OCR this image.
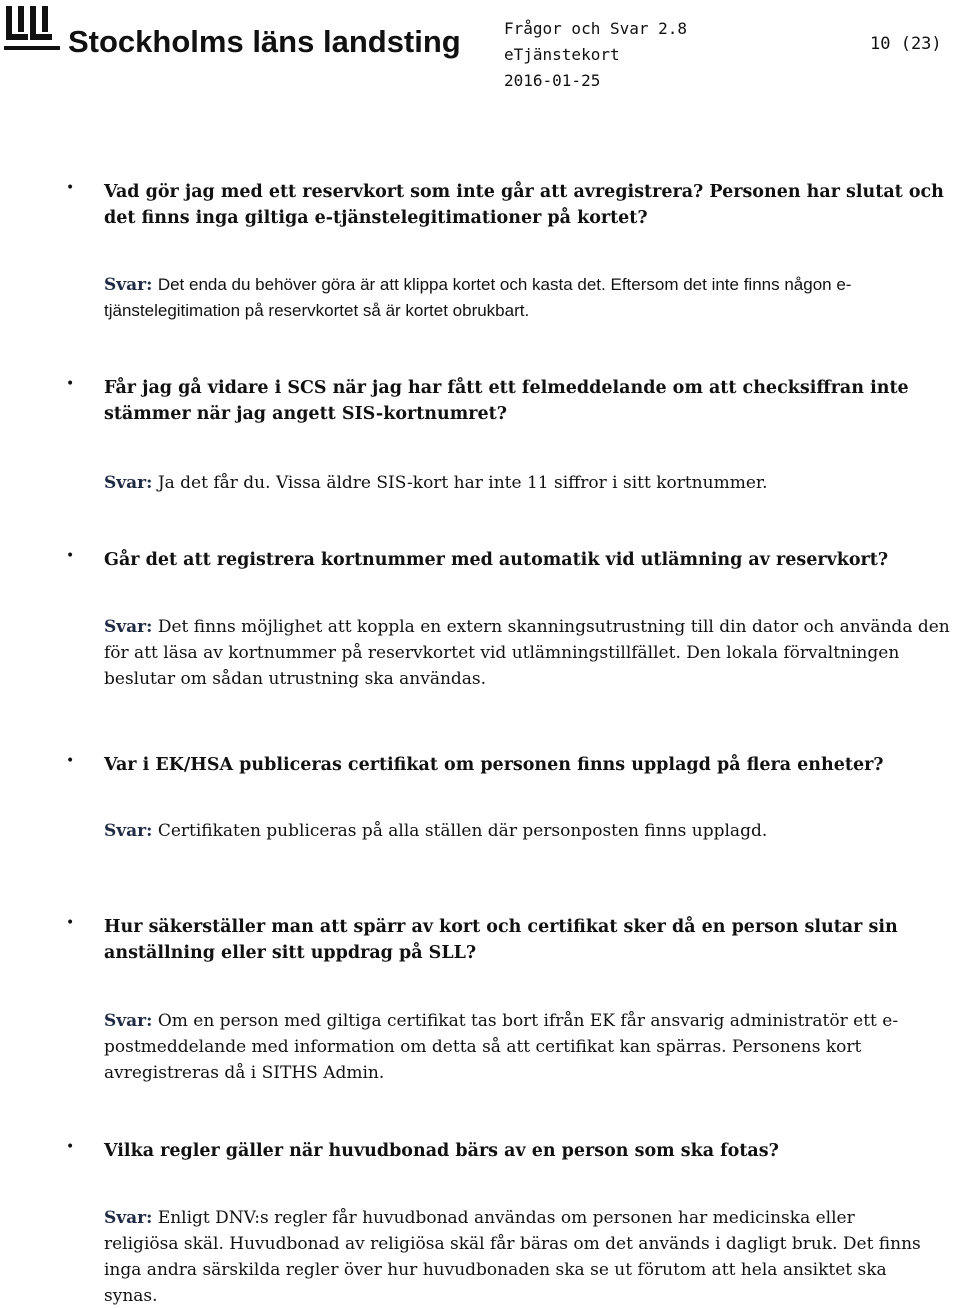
Stockholms läns landsting	Frågor och Svar 2.8
eTjänstekort
2016-01-25
10 (23)
• Vad gör jag med ett reservkort som inte går att avregistrera? Personen har slutat och det finns inga giltiga e-tjänstelegitimationer på kortet?
Svar: Det enda du behöver göra är att klippa kortet och kasta det. Eftersom det inte finns någon e-tjänstelegitimation på reservkortet så är kortet obrukbart.
• Får jag gå vidare i SCS när jag har fått ett felmeddelande om att checksiffran inte stämmer när jag angett SIS-kortnumret?
Svar: Ja det får du. Vissa äldre SIS-kort har inte 11 siffror i sitt kortnummer.
• Går det att registrera kortnummer med automatik vid utlämning av reservkort?
Svar: Det finns möjlighet att koppla en extern skanningsutrustning till din dator och använda den för att läsa av kortnummer på reservkortet vid utlämningstillfället. Den lokala förvaltningen beslutar om sådan utrustning ska användas.
• Var i EK/HSA publiceras certifikat om personen finns upplagd på flera enheter?
Svar: Certifikaten publiceras på alla ställen där personposten finns upplagd.
• Hur säkerställer man att spärr av kort och certifikat sker då en person slutar sin anställning eller sitt uppdrag på SLL?
Svar: Om en person med giltiga certifikat tas bort ifrån EK får ansvarig administratör ett e-postmeddelande med information om detta så att certifikat kan spärras. Personens kort avregistreras då i SITHS Admin.
• Vilka regler gäller när huvudbonad bärs av en person som ska fotas?
Svar: Enligt DNV:s regler får huvudbonad användas om personen har medicinska eller religiösa skäl. Huvudbonad av religiösa skäl får bäras om det används i dagligt bruk. Det finns inga andra särskilda regler över hur huvudbonaden ska se ut förutom att hela ansiktet ska synas.
